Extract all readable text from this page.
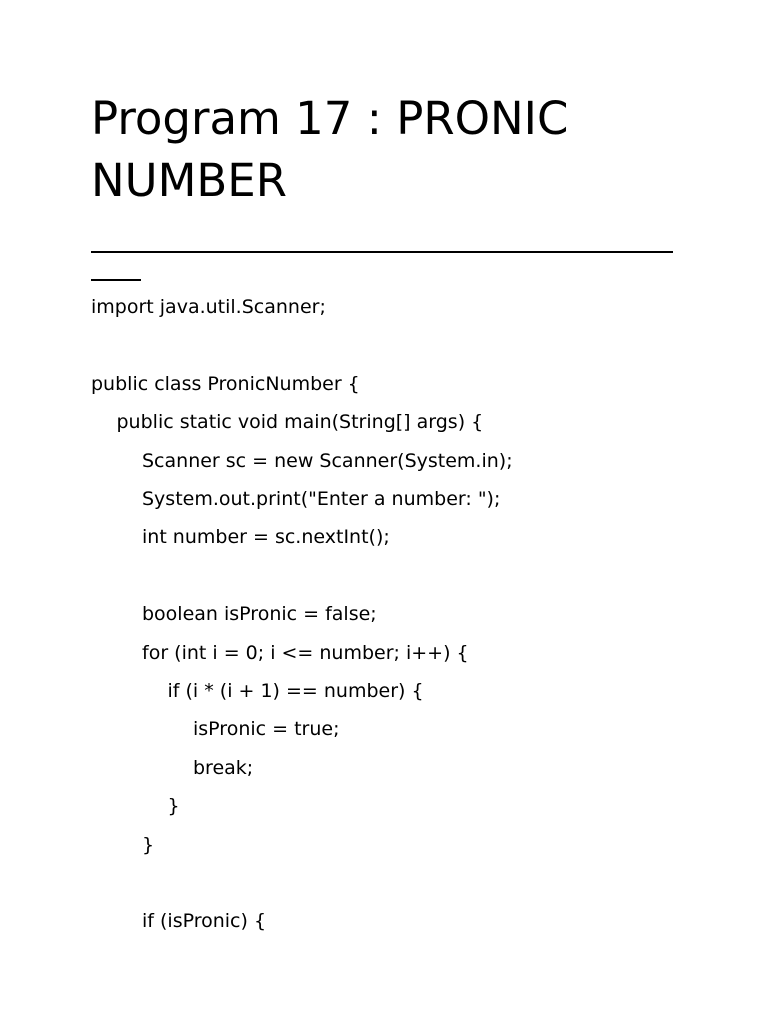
Program 17 : PRONIC
NUMBER
import java.util.Scanner;
public class PronicNumber {
public static void main(String[] args) {
Scanner sc = new Scanner(System.in);
System.out.print("Enter a number: ");
int number = sc.nextInt();
boolean isPronic = false;
for (int i = 0; i <= number; i++) {
if (i * (i + 1) == number) {
isPronic = true;
break;
}
}
if (isPronic) {
